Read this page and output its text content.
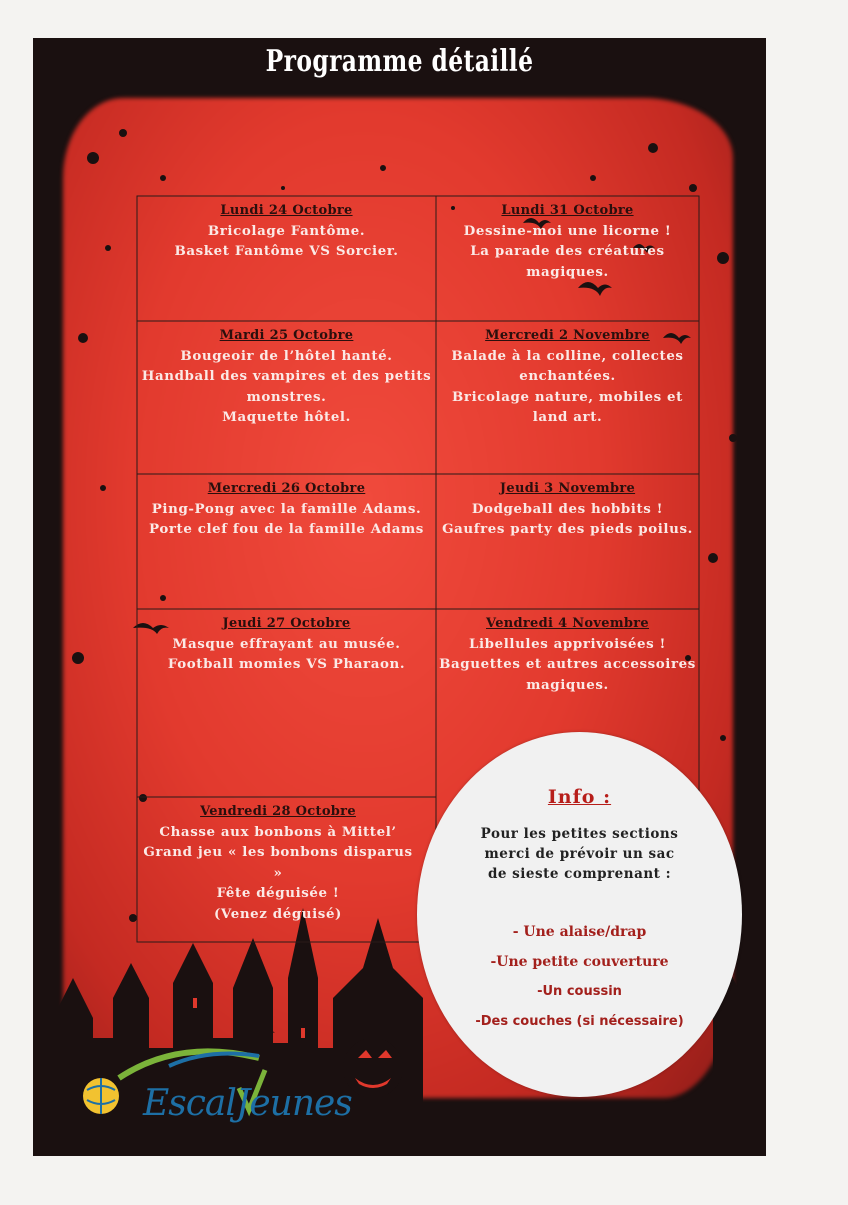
Programme détaillé
Lundi 24 Octobre
Bricolage Fantôme.
Basket Fantôme VS Sorcier.
Lundi 31 Octobre
Dessine-moi une licorne !
La parade des créatures magiques.
Mardi 25 Octobre
Bougeoir de l’hôtel hanté.
Handball des vampires et des petits monstres.
Maquette hôtel.
Mercredi 2 Novembre
Balade à la colline, collectes enchantées.
Bricolage nature, mobiles et land art.
Mercredi 26 Octobre
Ping-Pong avec la famille Adams.
Porte clef fou de la famille Adams
Jeudi 3 Novembre
Dodgeball des hobbits !
Gaufres party des pieds poilus.
Jeudi 27 Octobre
Masque effrayant au musée.
Football momies VS Pharaon.
Vendredi 4 Novembre
Libellules apprivoisées !
Baguettes et autres accessoires magiques.
Vendredi 28 Octobre
Chasse aux bonbons à Mittel’
Grand jeu « les bonbons disparus »
Fête déguisée !
(Venez déguisé)
Info :
Pour les petites sections merci de prévoir un sac de sieste comprenant :
- Une alaise/drap
-Une petite couverture
-Un coussin
-Des couches (si nécessaire)
EscalJeunes
